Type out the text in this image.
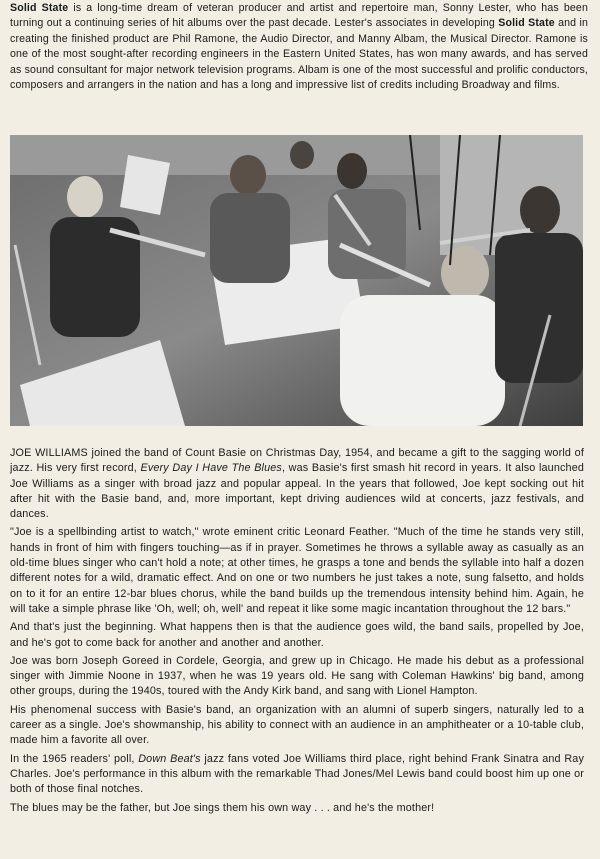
Solid State is a long-time dream of veteran producer and artist and repertoire man, Sonny Lester, who has been turning out a continuing series of hit albums over the past decade. Lester's associates in developing Solid State and in creating the finished product are Phil Ramone, the Audio Director, and Manny Albam, the Musical Director. Ramone is one of the most sought-after recording engineers in the Eastern United States, has won many awards, and has served as sound consultant for major network television programs. Albam is one of the most successful and prolific conductors, composers and arrangers in the nation and has a long and impressive list of credits including Broadway and films.

JOE WILLIAMS joined the band of Count Basie on Christmas Day, 1954, and became a gift to the sagging world of jazz. His very first record, Every Day I Have The Blues, was Basie's first smash hit record in years. It also launched Joe Williams as a singer with broad jazz and popular appeal. In the years that followed, Joe kept socking out hit after hit with the Basie band, and, more important, kept driving audiences wild at concerts, jazz festivals, and dances.

"Joe is a spellbinding artist to watch," wrote eminent critic Leonard Feather. "Much of the time he stands very still, hands in front of him with fingers touching—as if in prayer. Sometimes he throws a syllable away as casually as an old-time blues singer who can't hold a note; at other times, he grasps a tone and bends the syllable into half a dozen different notes for a wild, dramatic effect. And on one or two numbers he just takes a note, sung falsetto, and holds on to it for an entire 12-bar blues chorus, while the band builds up the tremendous intensity behind him. Again, he will take a simple phrase like 'Oh, well; oh, well' and repeat it like some magic incantation throughout the 12 bars."

And that's just the beginning. What happens then is that the audience goes wild, the band sails, propelled by Joe, and he's got to come back for another and another and another.

Joe was born Joseph Goreed in Cordele, Georgia, and grew up in Chicago. He made his debut as a professional singer with Jimmie Noone in 1937, when he was 19 years old. He sang with Coleman Hawkins' big band, among other groups, during the 1940s, toured with the Andy Kirk band, and sang with Lionel Hampton.

His phenomenal success with Basie's band, an organization with an alumni of superb singers, naturally led to a career as a single. Joe's showmanship, his ability to connect with an audience in an amphitheater or a 10-table club, made him a favorite all over.

In the 1965 readers' poll, Down Beat's jazz fans voted Joe Williams third place, right behind Frank Sinatra and Ray Charles. Joe's performance in this album with the remarkable Thad Jones/Mel Lewis band could boost him up one or both of those final notches.

The blues may be the father, but Joe sings them his own way . . . and he's the mother!
